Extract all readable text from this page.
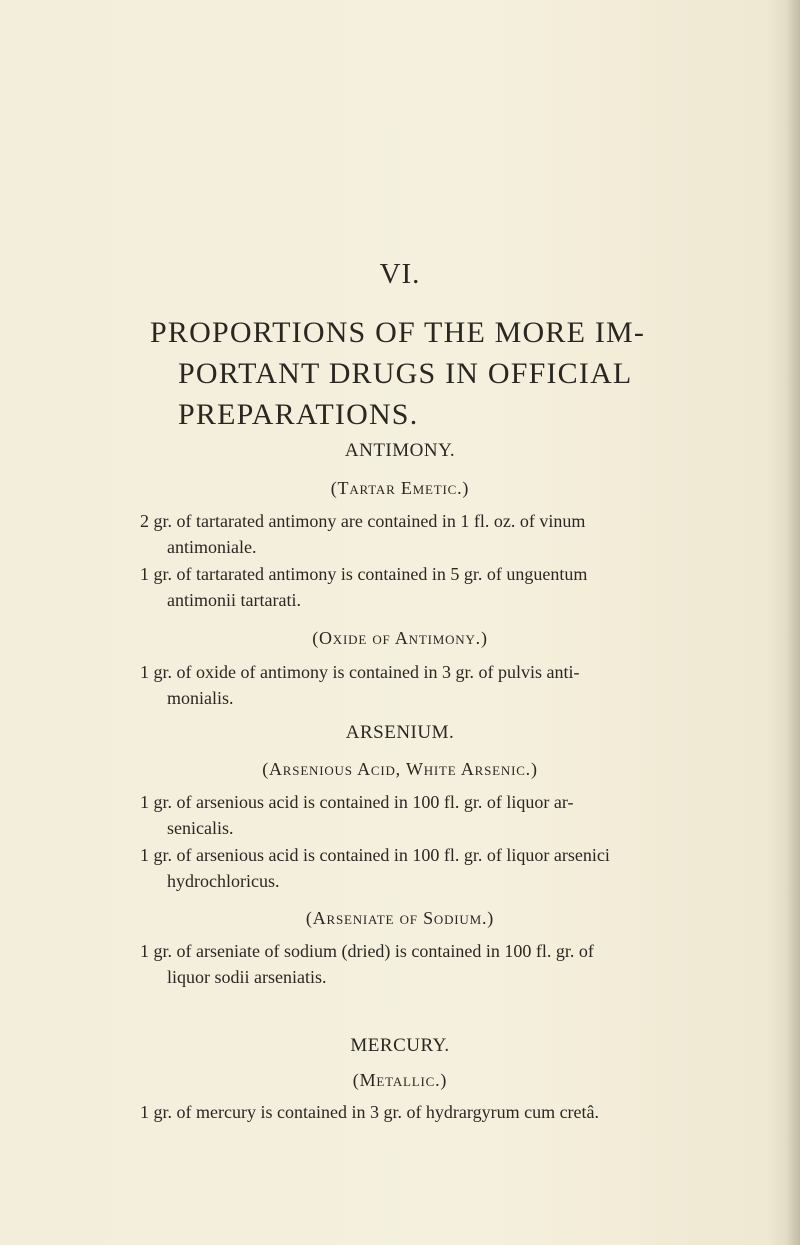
VI.
PROPORTIONS OF THE MORE IM-
PORTANT DRUGS IN OFFICIAL
PREPARATIONS.
ANTIMONY.
(Tartar Emetic.)
2 gr. of tartarated antimony are contained in 1 fl. oz. of vinum
antimoniale.
1 gr. of tartarated antimony is contained in 5 gr. of unguentum
antimonii tartarati.
(Oxide of Antimony.)
1 gr. of oxide of antimony is contained in 3 gr. of pulvis anti-
monialis.
ARSENIUM.
(Arsenious Acid, White Arsenic.)
1 gr. of arsenious acid is contained in 100 fl. gr. of liquor ar-
senicalis.
1 gr. of arsenious acid is contained in 100 fl. gr. of liquor arsenici
hydrochloricus.
(Arseniate of Sodium.)
1 gr. of arseniate of sodium (dried) is contained in 100 fl. gr. of
liquor sodii arseniatis.
MERCURY.
(Metallic.)
1 gr. of mercury is contained in 3 gr. of hydrargyrum cum cretâ.
